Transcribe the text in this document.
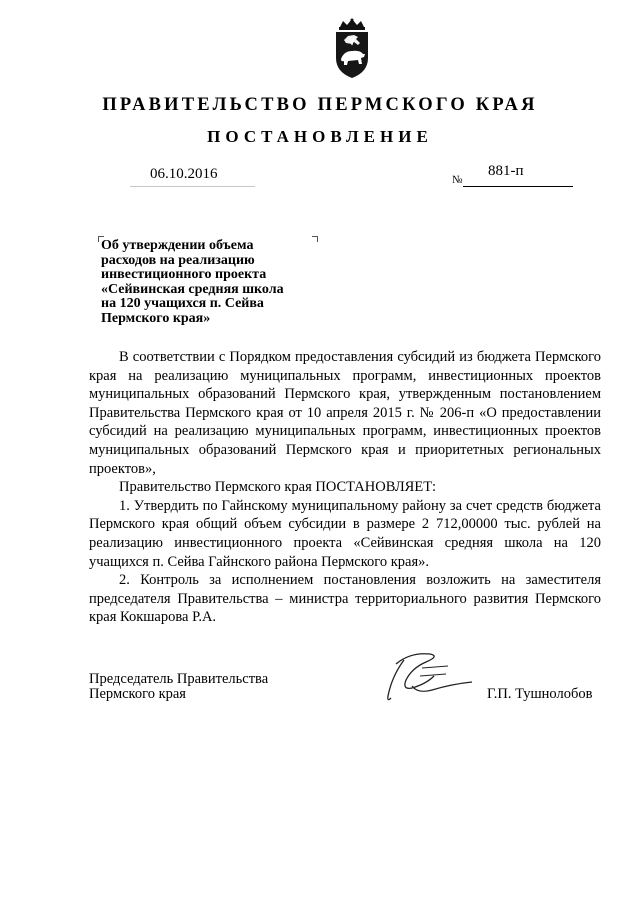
ПРАВИТЕЛЬСТВО ПЕРМСКОГО КРАЯ
ПОСТАНОВЛЕНИЕ
06.10.2016	№
881-п
Об утверждении объема
расходов на реализацию
инвестиционного проекта
«Сейвинская средняя школа
на 120 учащихся п. Сейва
Пермского края»

В соответствии с Порядком предоставления субсидий из бюджета Пермского края на реализацию муниципальных программ, инвестиционных проектов муниципальных образований Пермского края, утвержденным постановлением Правительства Пермского края от 10 апреля 2015 г. № 206-п «О предоставлении субсидий на реализацию муниципальных программ, инвестиционных проектов муниципальных образований Пермского края и приоритетных региональных проектов»,

Правительство Пермского края ПОСТАНОВЛЯЕТ:

1. Утвердить по Гайнскому муниципальному району за счет средств бюджета Пермского края общий объем субсидии в размере 2 712,00000 тыс. рублей на реализацию инвестиционного проекта «Сейвинская средняя школа на 120 учащихся п. Сейва Гайнского района Пермского края».

2. Контроль за исполнением постановления возложить на заместителя председателя Правительства – министра территориального развития Пермского края Кокшарова Р.А.

Председатель Правительства
Пермского края	Г.П. Тушнолобов
